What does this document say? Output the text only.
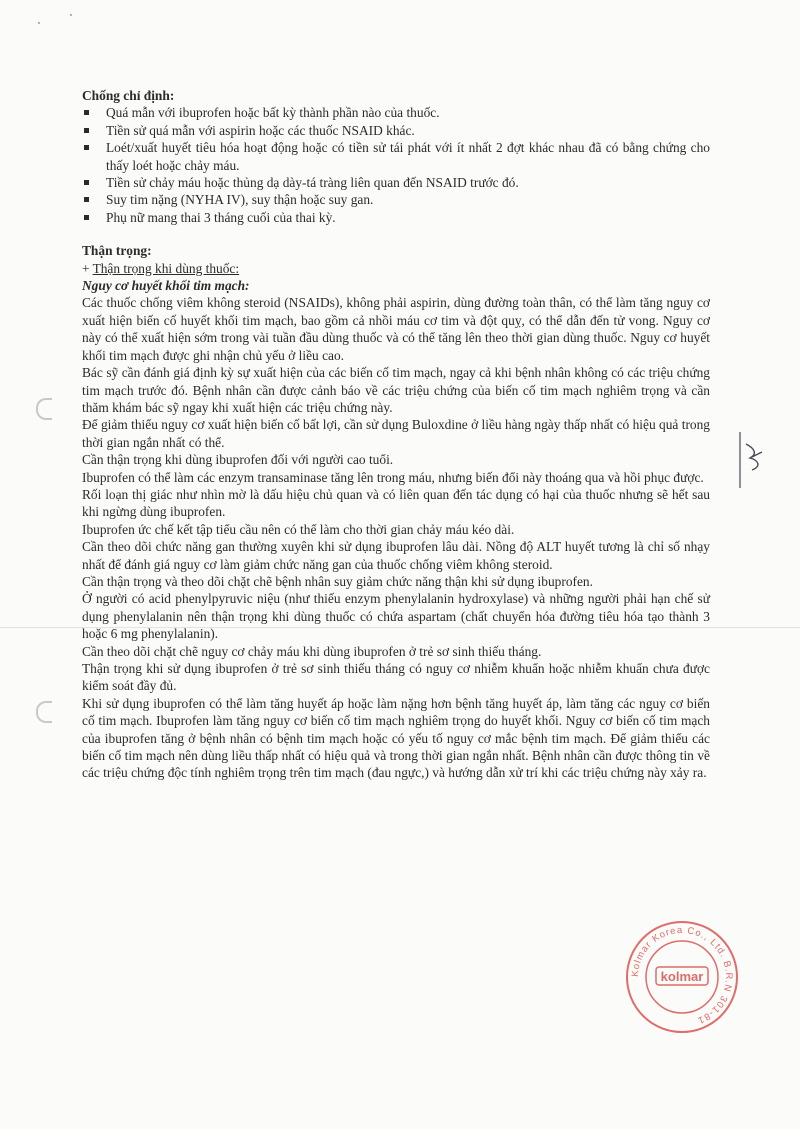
Chống chỉ định:

Quá mẫn với ibuprofen hoặc bất kỳ thành phần nào của thuốc.
Tiền sử quá mẫn với aspirin hoặc các thuốc NSAID khác.
Loét/xuất huyết tiêu hóa hoạt động hoặc có tiền sử tái phát với ít nhất 2 đợt khác nhau đã có bằng chứng cho thấy loét hoặc chảy máu.
Tiền sử chảy máu hoặc thủng dạ dày-tá tràng liên quan đến NSAID trước đó.
Suy tim nặng (NYHA IV), suy thận hoặc suy gan.
Phụ nữ mang thai 3 tháng cuối của thai kỳ.

Thận trọng:

+ Thận trọng khi dùng thuốc:

Nguy cơ huyết khối tim mạch:

Các thuốc chống viêm không steroid (NSAIDs), không phải aspirin, dùng đường toàn thân, có thể làm tăng nguy cơ xuất hiện biến cố huyết khối tim mạch, bao gồm cả nhồi máu cơ tim và đột quỵ, có thể dẫn đến tử vong. Nguy cơ này có thể xuất hiện sớm trong vài tuần đầu dùng thuốc và có thể tăng lên theo thời gian dùng thuốc. Nguy cơ huyết khối tim mạch được ghi nhận chủ yếu ở liều cao.

Bác sỹ cần đánh giá định kỳ sự xuất hiện của các biến cố tim mạch, ngay cả khi bệnh nhân không có các triệu chứng tim mạch trước đó. Bệnh nhân cần được cảnh báo về các triệu chứng của biến cố tim mạch nghiêm trọng và cần thăm khám bác sỹ ngay khi xuất hiện các triệu chứng này.

Để giảm thiểu nguy cơ xuất hiện biến cố bất lợi, cần sử dụng Buloxdine ở liều hàng ngày thấp nhất có hiệu quả trong thời gian ngắn nhất có thể.

Cần thận trọng khi dùng ibuprofen đối với người cao tuổi.

Ibuprofen có thể làm các enzym transaminase tăng lên trong máu, nhưng biến đổi này thoáng qua và hồi phục được.

Rối loạn thị giác như nhìn mờ là dấu hiệu chủ quan và có liên quan đến tác dụng có hại của thuốc nhưng sẽ hết sau khi ngừng dùng ibuprofen.

Ibuprofen ức chế kết tập tiểu cầu nên có thể làm cho thời gian chảy máu kéo dài.

Cần theo dõi chức năng gan thường xuyên khi sử dụng ibuprofen lâu dài. Nồng độ ALT huyết tương là chỉ số nhạy nhất để đánh giá nguy cơ làm giảm chức năng gan của thuốc chống viêm không steroid.

Cần thận trọng và theo dõi chặt chẽ bệnh nhân suy giảm chức năng thận khi sử dụng ibuprofen.

Ở người có acid phenylpyruvic niệu (như thiếu enzym phenylalanin hydroxylase) và những người phải hạn chế sử dụng phenylalanin nên thận trọng khi dùng thuốc có chứa aspartam (chất chuyển hóa đường tiêu hóa tạo thành 3 hoặc 6 mg phenylalanin).

Cần theo dõi chặt chẽ nguy cơ chảy máu khi dùng ibuprofen ở trẻ sơ sinh thiếu tháng.

Thận trọng khi sử dụng ibuprofen ở trẻ sơ sinh thiếu tháng có nguy cơ nhiễm khuẩn hoặc nhiễm khuẩn chưa được kiểm soát đầy đủ.

Khi sử dụng ibuprofen có thể làm tăng huyết áp hoặc làm nặng hơn bệnh tăng huyết áp, làm tăng các nguy cơ biến cố tim mạch. Ibuprofen làm tăng nguy cơ biến cố tim mạch nghiêm trọng do huyết khối. Nguy cơ biến cố tim mạch của ibuprofen tăng ở bệnh nhân có bệnh tim mạch hoặc có yếu tố nguy cơ mắc bệnh tim mạch. Để giảm thiểu các biến cố tim mạch nên dùng liều thấp nhất có hiệu quả và trong thời gian ngắn nhất. Bệnh nhân cần được thông tin về các triệu chứng độc tính nghiêm trọng trên tim mạch (đau ngực,) và hướng dẫn xử trí khi các triệu chứng này xảy ra.

Kolmar Korea Co., Ltd. B.R.N 301-81
kolmar
